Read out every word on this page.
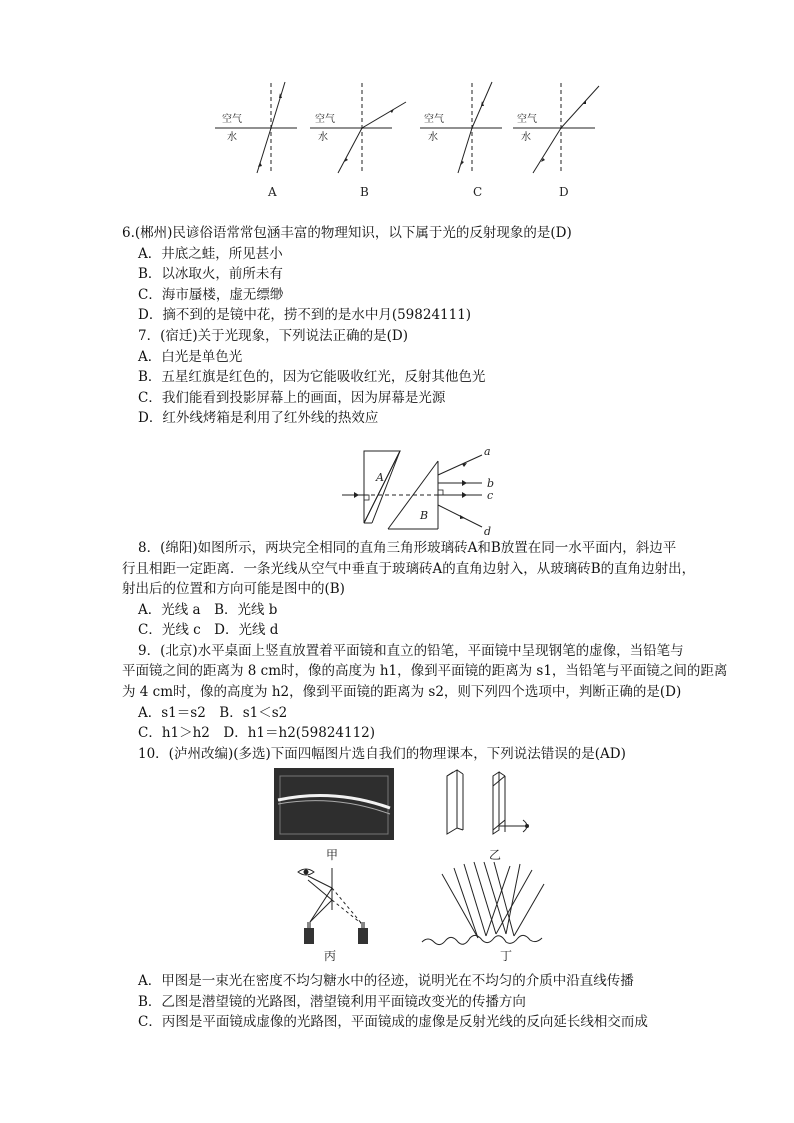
空气
水
A
空气
水
B
空气
水
C
空气
水
D
6.(郴州)民谚俗语常常包涵丰富的物理知识，以下属于光的反射现象的是(D)
A．井底之蛙，所见甚小
B．以冰取火，前所未有
C．海市蜃楼，虚无缥缈
D．摘不到的是镜中花，捞不到的是水中月(59824111)
7．(宿迁)关于光现象，下列说法正确的是(D)
A．白光是单色光
B．五星红旗是红色的，因为它能吸收红光，反射其他色光
C．我们能看到投影屏幕上的画面，因为屏幕是光源
D．红外线烤箱是利用了红外线的热效应
A
B
a
b
c
d
8．(绵阳)如图所示，两块完全相同的直角三角形玻璃砖A和B放置在同一水平面内，斜边平
行且相距一定距离．一条光线从空气中垂直于玻璃砖A的直角边射入，从玻璃砖B的直角边射出，
射出后的位置和方向可能是图中的(B)
A．光线 a　B．光线 b
C．光线 c　D．光线 d
9．(北京)水平桌面上竖直放置着平面镜和直立的铅笔，平面镜中呈现钢笔的虚像，当铅笔与
平面镜之间的距离为 8 cm时，像的高度为 h1，像到平面镜的距离为 s1，当铅笔与平面镜之间的距离
为 4 cm时，像的高度为 h2，像到平面镜的距离为 s2，则下列四个选项中，判断正确的是(D)
A．s1＝s2　B．s1＜s2
C．h1＞h2　D．h1＝h2(59824112)
10．(泸州改编)(多选)下面四幅图片选自我们的物理课本，下列说法错误的是(AD)
甲	乙
丙	丁
A．甲图是一束光在密度不均匀糖水中的径迹，说明光在不均匀的介质中沿直线传播
B．乙图是潜望镜的光路图，潜望镜利用平面镜改变光的传播方向
C．丙图是平面镜成虚像的光路图，平面镜成的虚像是反射光线的反向延长线相交而成
